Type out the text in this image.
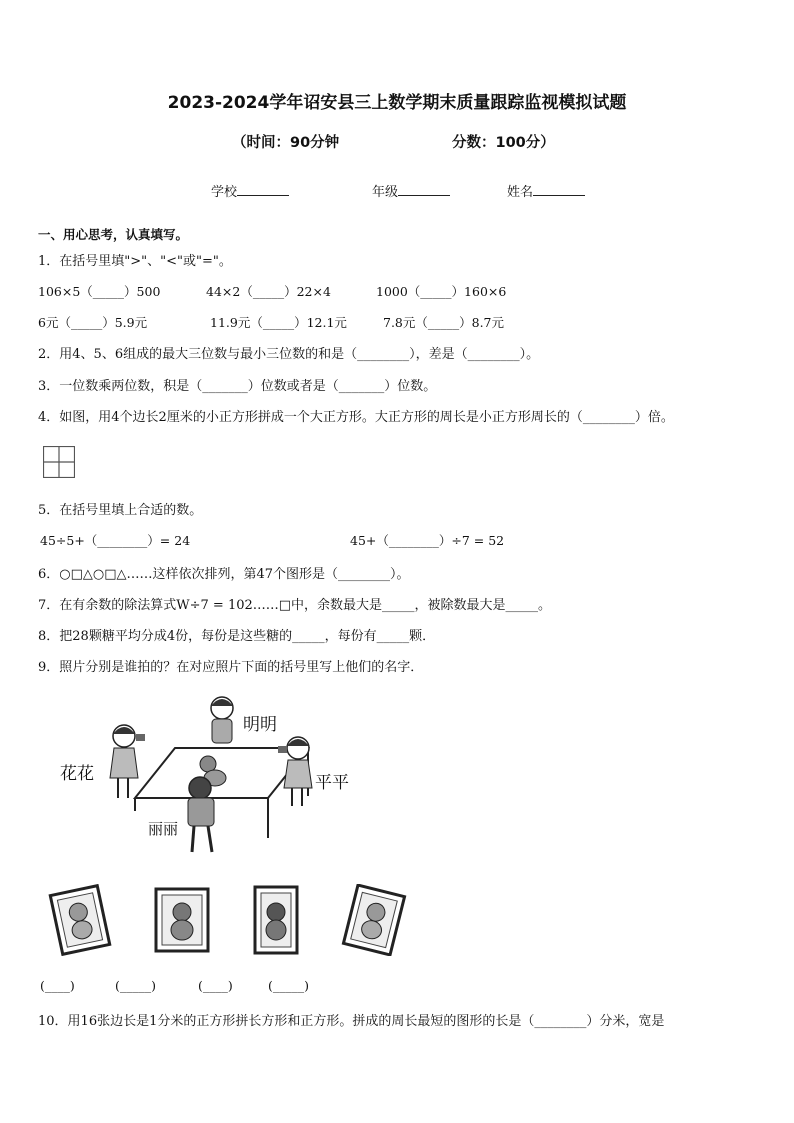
2023-2024学年诏安县三上数学期末质量跟踪监视模拟试题
（时间：90分钟	分数：100分）
学校	年级	姓名
一、用心思考，认真填写。
1．在括号里填">"、"<"或"="。
106×5（_____）500	44×2（_____）22×4	1000（_____）160×6
6元（_____）5.9元	11.9元（_____）12.1元	7.8元（_____）8.7元
2．用4、5、6组成的最大三位数与最小三位数的和是（________），差是（________）。
3．一位数乘两位数，积是（_______）位数或者是（_______）位数。
4．如图，用4个边长2厘米的小正方形拼成一个大正方形。大正方形的周长是小正方形周长的（________）倍。
5．在括号里填上合适的数。
45÷5+（________）= 24	45+（________）÷7 = 52
6．○□△○□△……这样依次排列，第47个图形是（________）。
7．在有余数的除法算式W÷7 = 102……□中，余数最大是_____，被除数最大是_____。
8．把28颗糖平均分成4份，每份是这些糖的_____，每份有_____颗．
9．照片分别是谁拍的？在对应照片下面的括号里写上他们的名字．
明明
花花	平平
丽丽
(____)	(_____)	(____)	(_____)
10．用16张边长是1分米的正方形拼长方形和正方形。拼成的周长最短的图形的长是（________）分米，宽是
